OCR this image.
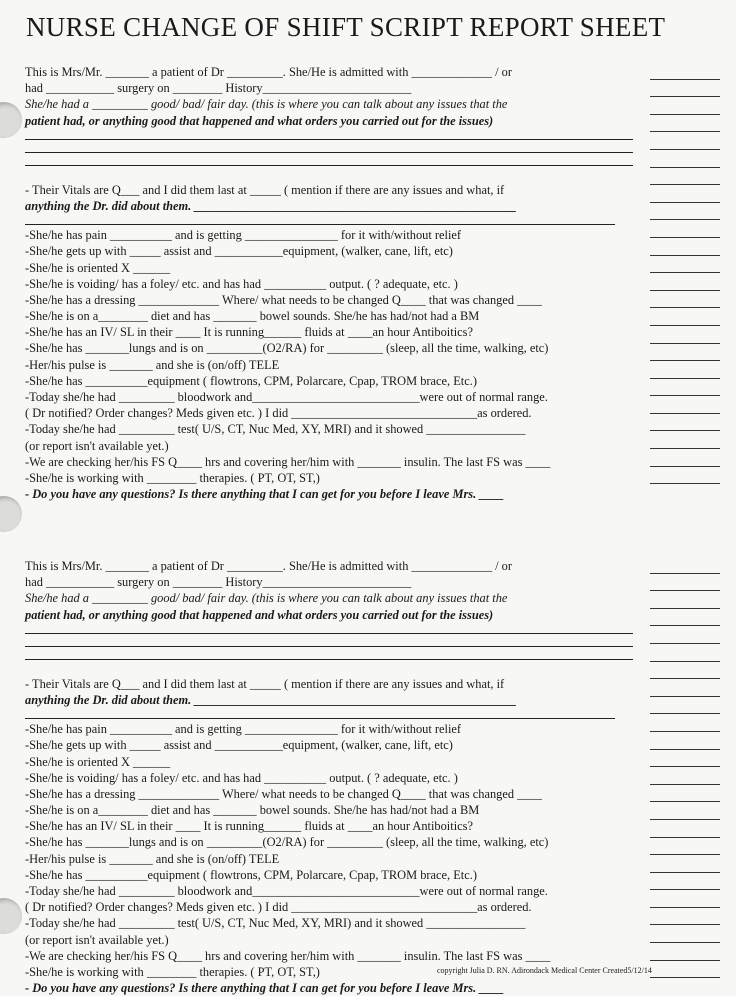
NURSE CHANGE OF SHIFT SCRIPT REPORT SHEET
This is Mrs/Mr. _______ a patient of Dr _________. She/He is admitted with _____________ / or
had ___________ surgery on ________ History________________________
She/he had a _________ good/ bad/ fair day. (this is where you can talk about any issues that the
patient had, or anything good that happened and what orders you carried out for the issues)
- Their Vitals are Q___ and I did them last at _____ ( mention if there are any issues and what, if
anything the Dr. did about them. ____________________________________________________
-She/he has pain __________ and is getting _______________ for it with/without relief
-She/he gets up with _____ assist and ___________equipment, (walker, cane, lift, etc)
-She/he is oriented X ______
-She/he is voiding/ has a foley/ etc. and has had __________ output. ( ? adequate, etc. )
-She/he has a dressing _____________ Where/ what needs to be changed Q____ that was changed ____
-She/he is on a________ diet and has _______ bowel sounds. She/he has had/not had a BM
-She/he has an IV/ SL in their ____ It is running______ fluids at ____an hour Antiboitics?
-She/he has _______lungs and is on _________(O2/RA) for _________ (sleep, all the time, walking, etc)
-Her/his pulse is _______ and she is (on/off) TELE
-She/he has __________equipment ( flowtrons, CPM, Polarcare, Cpap, TROM brace, Etc.)
-Today she/he had _________ bloodwork and___________________________were out of normal range.
( Dr notified? Order changes? Meds given etc. ) I did ______________________________as ordered.
-Today she/he had _________ test( U/S, CT, Nuc Med, XY, MRI) and it showed ________________
(or report isn't available yet.)
-We are checking her/his FS Q____ hrs and covering her/him with _______ insulin. The last FS was ____
-She/he is working with ________ therapies. ( PT, OT, ST,)
- Do you have any questions? Is there anything that I can get for you before I leave Mrs. ____
This is Mrs/Mr. _______ a patient of Dr _________. She/He is admitted with _____________ / or
had ___________ surgery on ________ History________________________
She/he had a _________ good/ bad/ fair day. (this is where you can talk about any issues that the
patient had, or anything good that happened and what orders you carried out for the issues)
- Their Vitals are Q___ and I did them last at _____ ( mention if there are any issues and what, if
anything the Dr. did about them. ____________________________________________________
-She/he has pain __________ and is getting _______________ for it with/without relief
-She/he gets up with _____ assist and ___________equipment, (walker, cane, lift, etc)
-She/he is oriented X ______
-She/he is voiding/ has a foley/ etc. and has had __________ output. ( ? adequate, etc. )
-She/he has a dressing _____________ Where/ what needs to be changed Q____ that was changed ____
-She/he is on a________ diet and has _______ bowel sounds. She/he has had/not had a BM
-She/he has an IV/ SL in their ____ It is running______ fluids at ____an hour Antiboitics?
-She/he has _______lungs and is on _________(O2/RA) for _________ (sleep, all the time, walking, etc)
-Her/his pulse is _______ and she is (on/off) TELE
-She/he has __________equipment ( flowtrons, CPM, Polarcare, Cpap, TROM brace, Etc.)
-Today she/he had _________ bloodwork and___________________________were out of normal range.
( Dr notified? Order changes? Meds given etc. ) I did ______________________________as ordered.
-Today she/he had _________ test( U/S, CT, Nuc Med, XY, MRI) and it showed ________________
(or report isn't available yet.)
-We are checking her/his FS Q____ hrs and covering her/him with _______ insulin. The last FS was ____
-She/he is working with ________ therapies. ( PT, OT, ST,)
- Do you have any questions? Is there anything that I can get for you before I leave Mrs. ____
copyright Julia D. RN. Adirondack Medical Center Created5/12/14
